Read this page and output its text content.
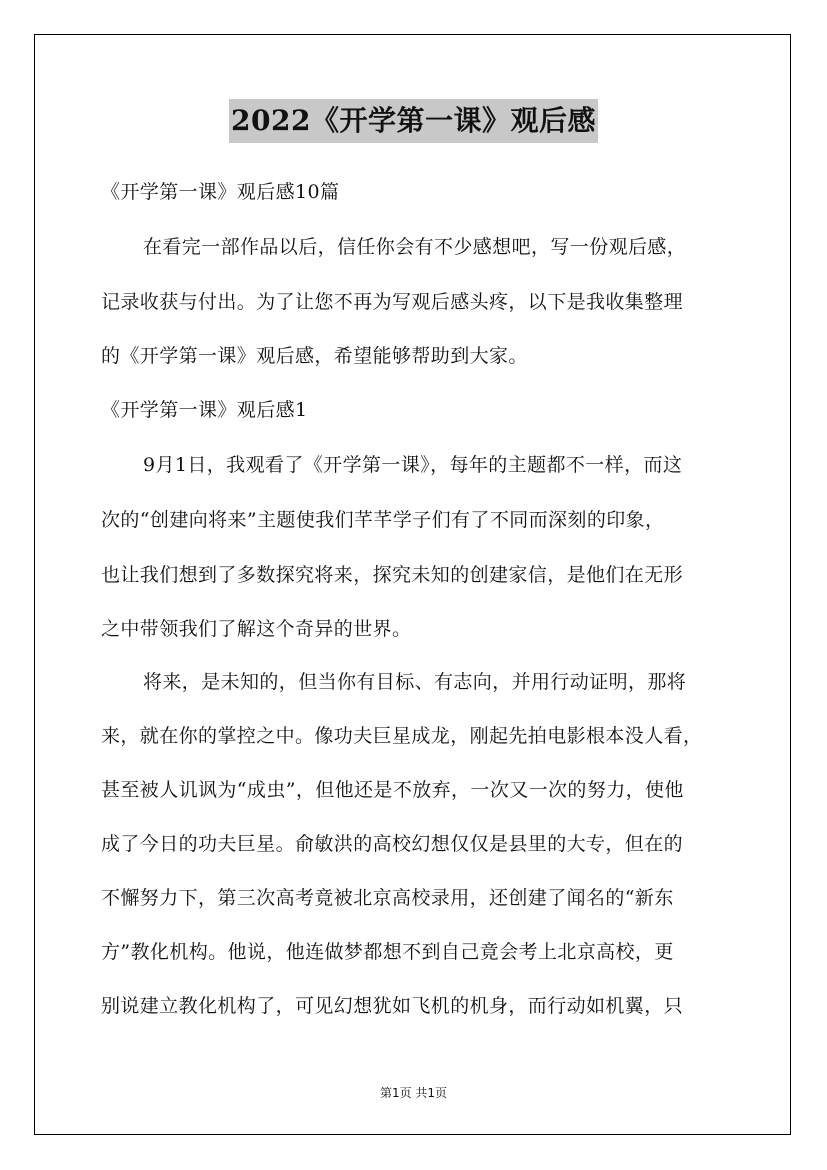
2022《开学第一课》观后感
《开学第一课》观后感10篇
在看完一部作品以后，信任你会有不少感想吧，写一份观后感，
记录收获与付出。为了让您不再为写观后感头疼，以下是我收集整理
的《开学第一课》观后感，希望能够帮助到大家。
《开学第一课》观后感1
9月1日，我观看了《开学第一课》，每年的主题都不一样，而这
次的“创建向将来”主题使我们芊芊学子们有了不同而深刻的印象，
也让我们想到了多数探究将来，探究未知的创建家信，是他们在无形
之中带领我们了解这个奇异的世界。
将来，是未知的，但当你有目标、有志向，并用行动证明，那将
来，就在你的掌控之中。像功夫巨星成龙，刚起先拍电影根本没人看，
甚至被人讥讽为“成虫”，但他还是不放弃，一次又一次的努力，使他
成了今日的功夫巨星。俞敏洪的高校幻想仅仅是县里的大专，但在的
不懈努力下，第三次高考竟被北京高校录用，还创建了闻名的“新东
方”教化机构。他说，他连做梦都想不到自己竟会考上北京高校，更
别说建立教化机构了，可见幻想犹如飞机的机身，而行动如机翼，只
第1页 共1页
